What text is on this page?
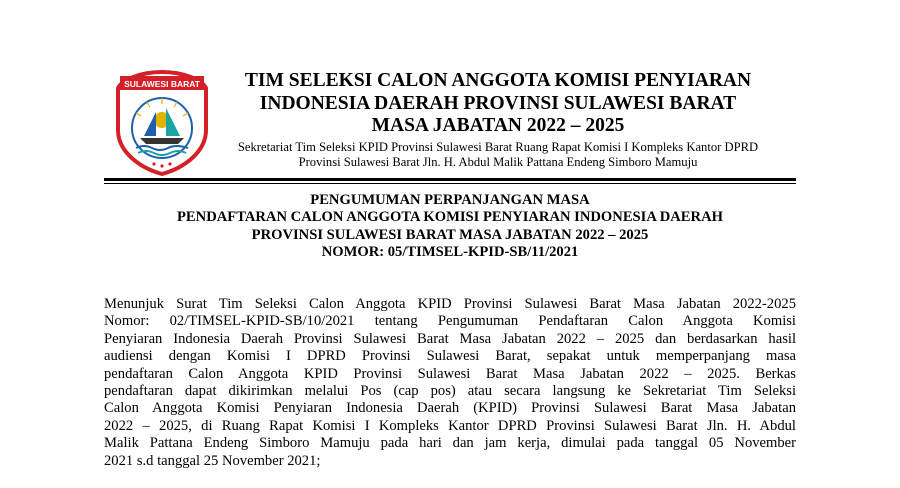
SULAWESI BARAT	TIM SELEKSI CALON ANGGOTA KOMISI PENYIARAN
INDONESIA DAERAH PROVINSI SULAWESI BARAT
MASA JABATAN 2022 – 2025
Sekretariat Tim Seleksi KPID Provinsi Sulawesi Barat Ruang Rapat Komisi I Kompleks Kantor DPRD
Provinsi Sulawesi Barat Jln. H. Abdul Malik Pattana Endeng Simboro Mamuju
PENGUMUMAN PERPANJANGAN MASA
PENDAFTARAN CALON ANGGOTA KOMISI PENYIARAN INDONESIA DAERAH
PROVINSI SULAWESI BARAT MASA JABATAN 2022 – 2025
NOMOR: 05/TIMSEL-KPID-SB/11/2021
Menunjuk Surat Tim Seleksi Calon Anggota KPID Provinsi Sulawesi Barat Masa Jabatan 2022-2025
Nomor: 02/TIMSEL-KPID-SB/10/2021 tentang Pengumuman Pendaftaran Calon Anggota Komisi
Penyiaran Indonesia Daerah Provinsi Sulawesi Barat Masa Jabatan 2022 – 2025 dan berdasarkan hasil
audiensi dengan Komisi I DPRD Provinsi Sulawesi Barat, sepakat untuk memperpanjang masa
pendaftaran Calon Anggota KPID Provinsi Sulawesi Barat Masa Jabatan 2022 – 2025. Berkas
pendaftaran dapat dikirimkan melalui Pos (cap pos) atau secara langsung ke Sekretariat Tim Seleksi
Calon Anggota Komisi Penyiaran Indonesia Daerah (KPID) Provinsi Sulawesi Barat Masa Jabatan
2022 – 2025, di Ruang Rapat Komisi I Kompleks Kantor DPRD Provinsi Sulawesi Barat Jln. H. Abdul
Malik Pattana Endeng Simboro Mamuju pada hari dan jam kerja, dimulai pada tanggal 05 November
2021 s.d tanggal 25 November 2021;
